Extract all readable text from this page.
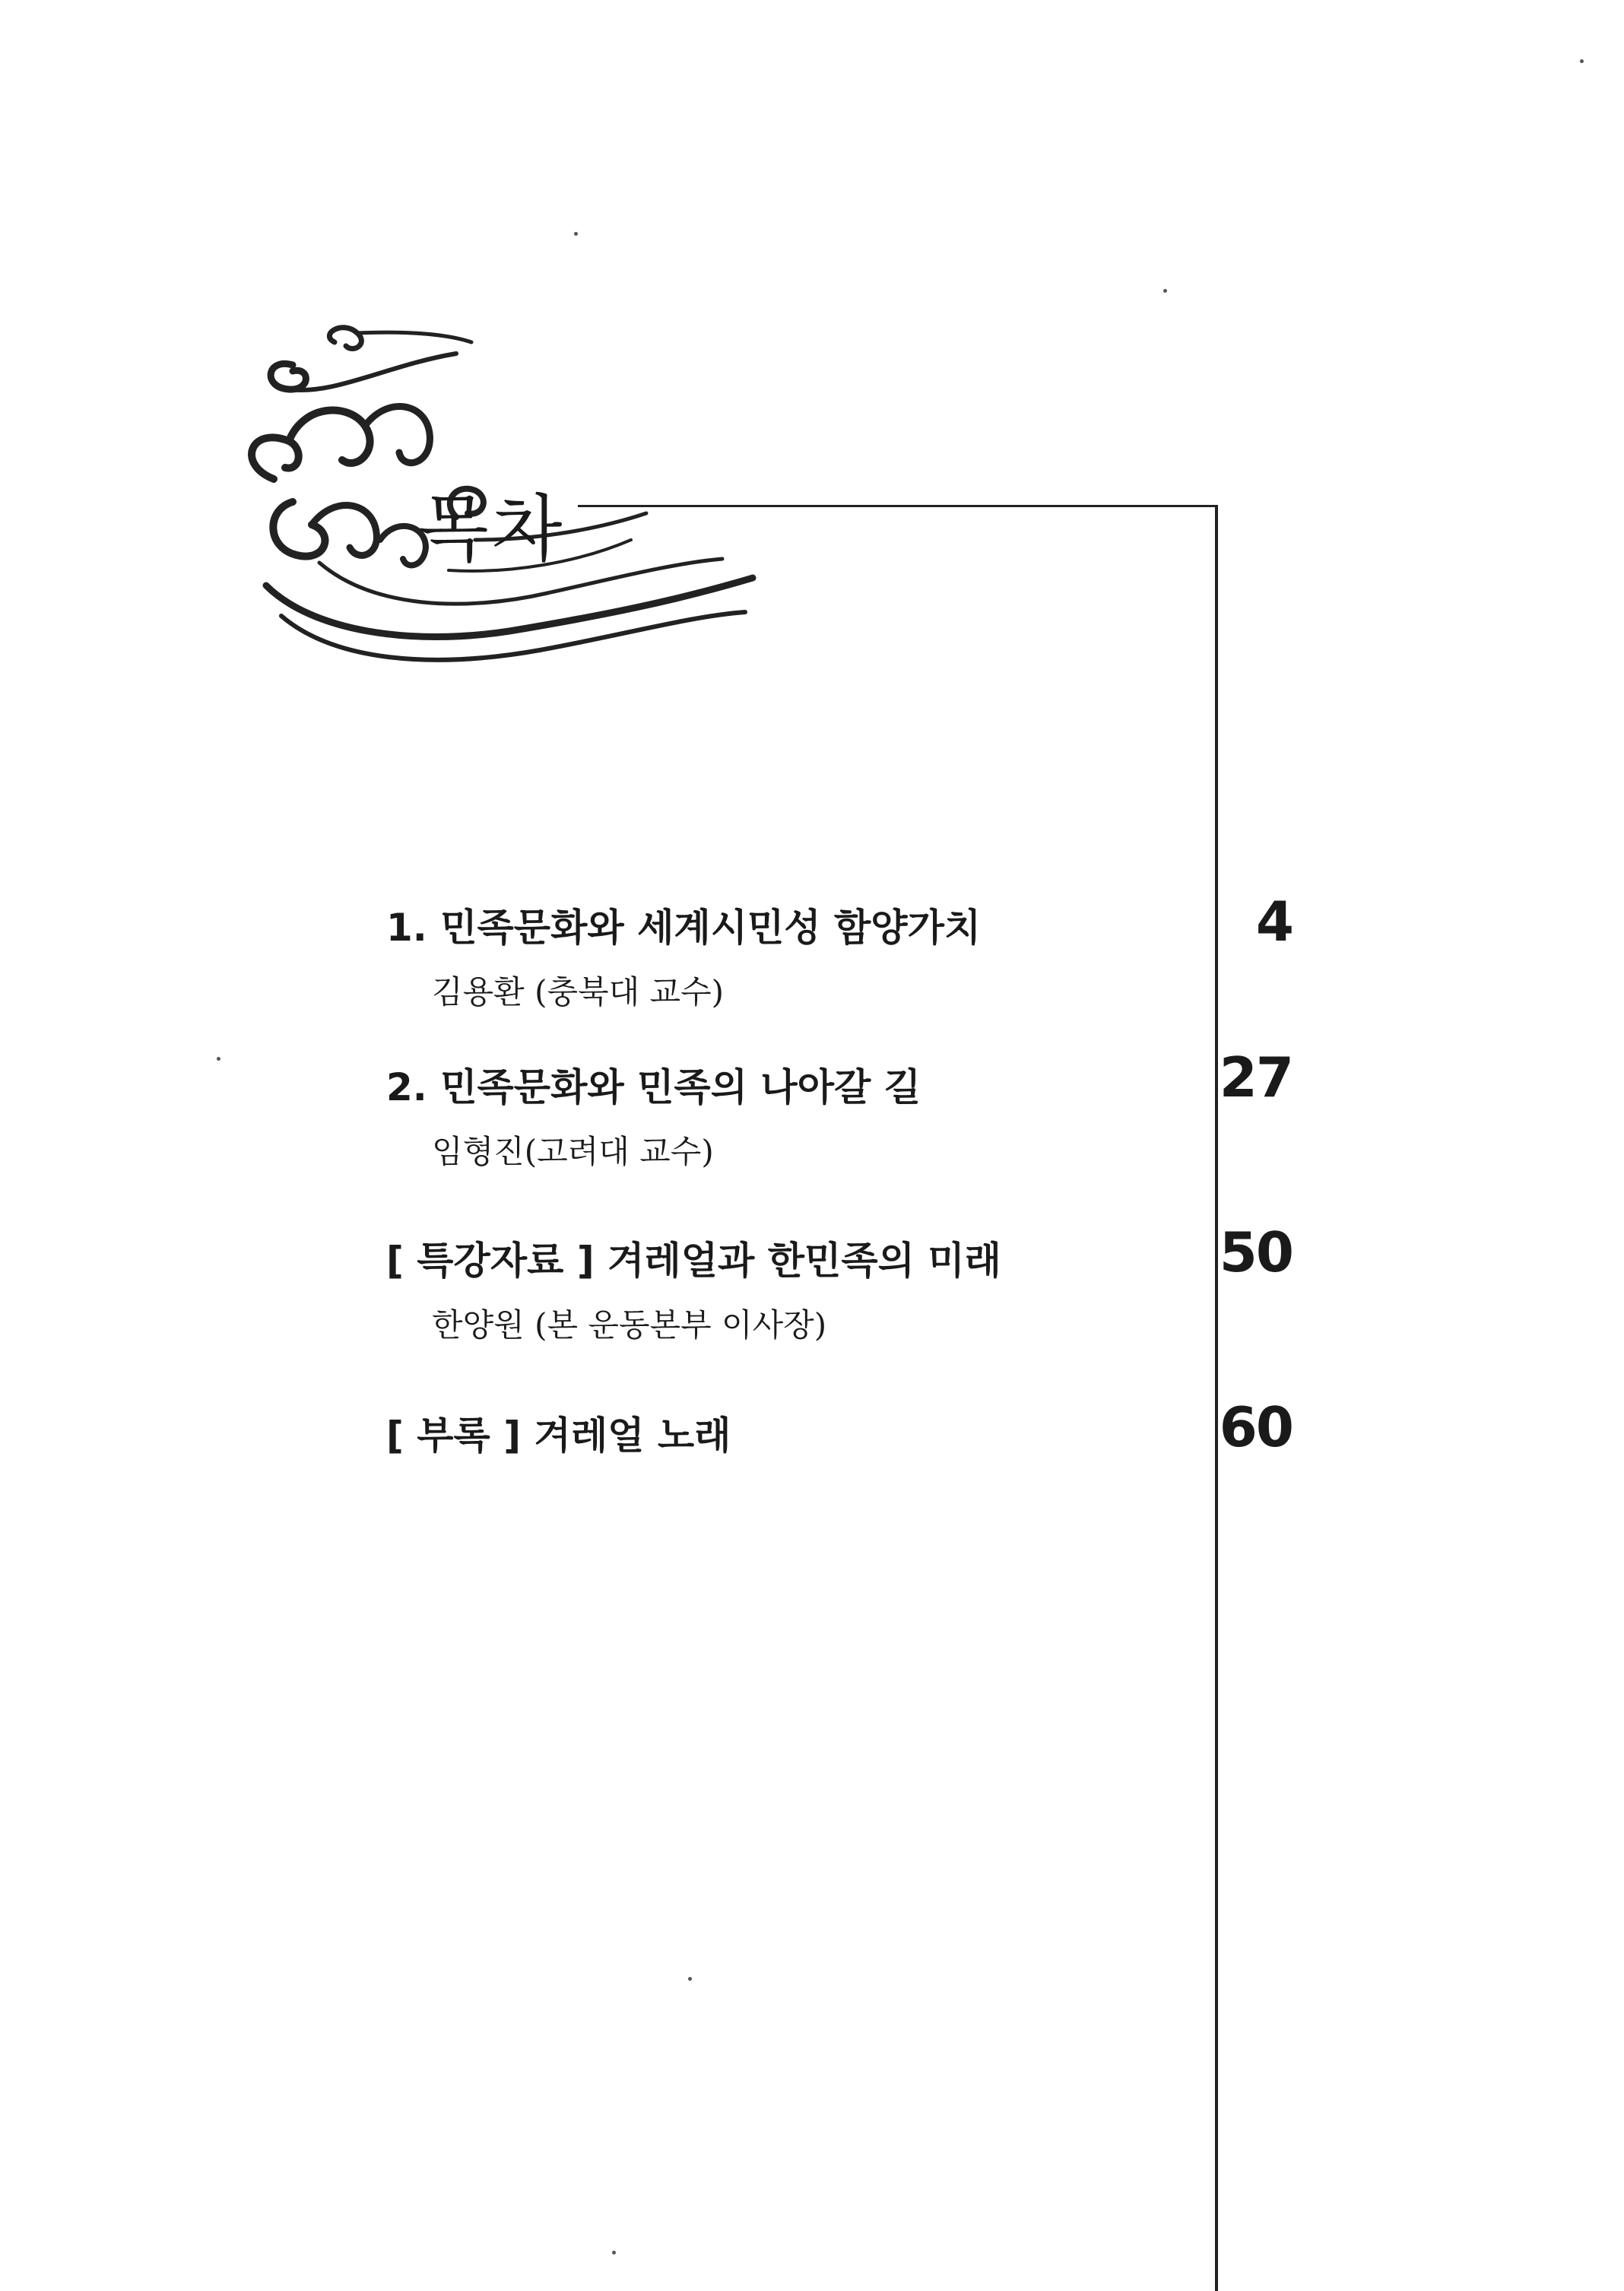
목차
1. 민족문화와 세계시민성 함양가치
김용환 (충북대 교수)
4
2. 민족문화와 민족의 나아갈 길
임형진(고려대 교수)
27
[ 특강자료 ] 겨레얼과 한민족의 미래
한양원 (본 운동본부 이사장)
50
[ 부록 ] 겨레얼 노래	60
